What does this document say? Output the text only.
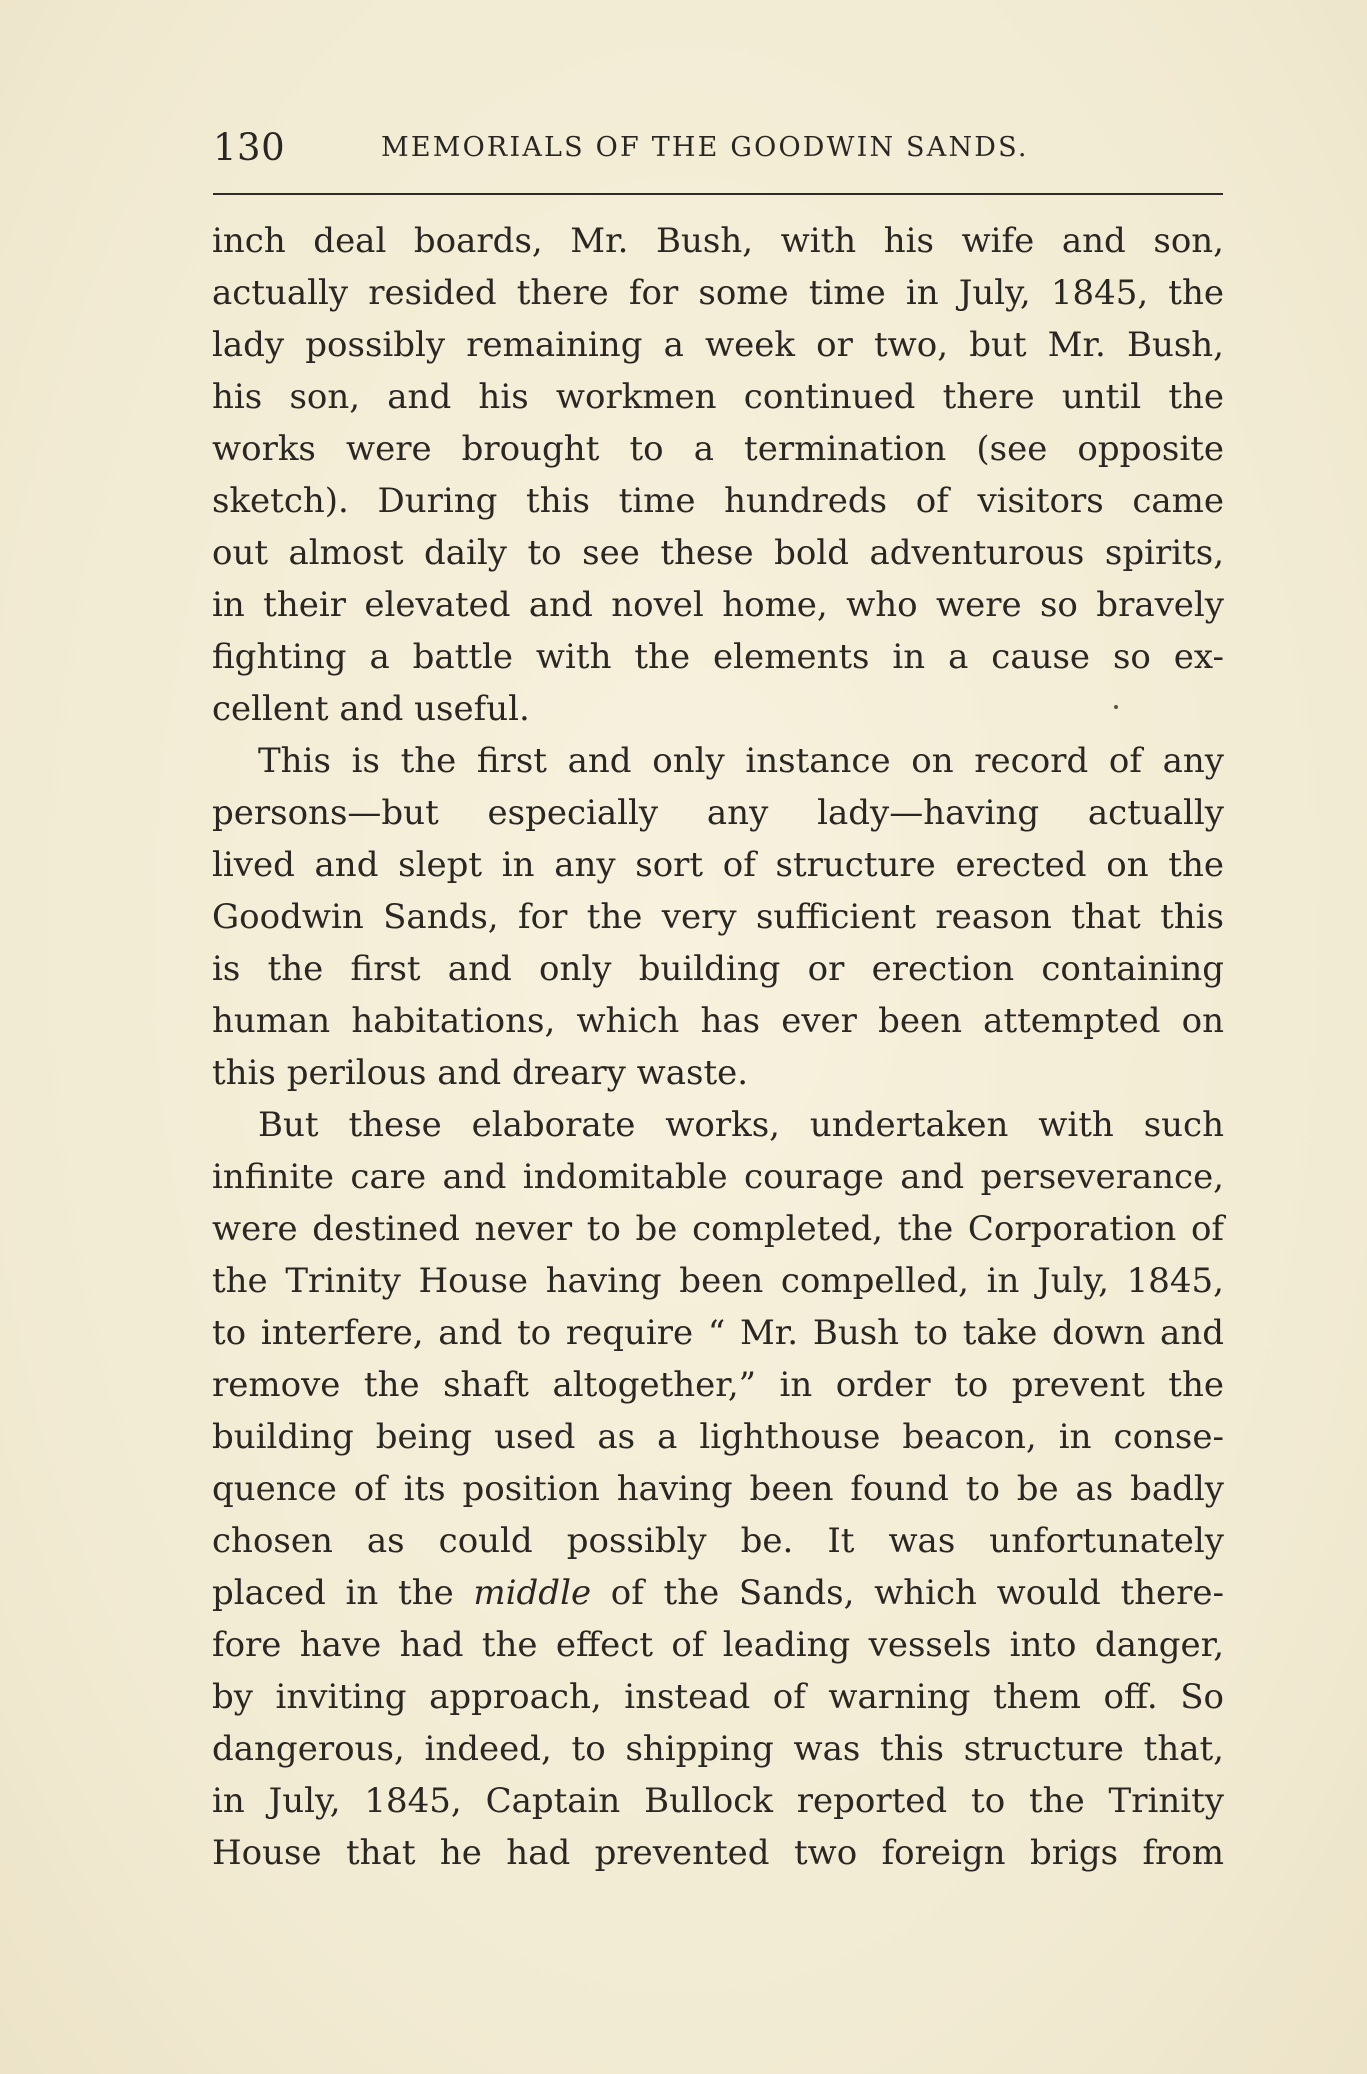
130	MEMORIALS OF THE GOODWIN SANDS.
inch deal boards, Mr. Bush, with his wife and son,
actually resided there for some time in July, 1845, the
lady possibly remaining a week or two, but Mr. Bush,
his son, and his workmen continued there until the
works were brought to a termination (see opposite
sketch). During this time hundreds of visitors came
out almost daily to see these bold adventurous spirits,
in their elevated and novel home, who were so bravely
fighting a battle with the elements in a cause so ex-
cellent and useful.
This is the first and only instance on record of any
persons—but especially any lady—having actually
lived and slept in any sort of structure erected on the
Goodwin Sands, for the very sufficient reason that this
is the first and only building or erection containing
human habitations, which has ever been attempted on
this perilous and dreary waste.
But these elaborate works, undertaken with such
infinite care and indomitable courage and perseverance,
were destined never to be completed, the Corporation of
the Trinity House having been compelled, in July, 1845,
to interfere, and to require “ Mr. Bush to take down and
remove the shaft altogether,” in order to prevent the
building being used as a lighthouse beacon, in conse-
quence of its position having been found to be as badly
chosen as could possibly be. It was unfortunately
placed in the middle of the Sands, which would there-
fore have had the effect of leading vessels into danger,
by inviting approach, instead of warning them off. So
dangerous, indeed, to shipping was this structure that,
in July, 1845, Captain Bullock reported to the Trinity
House that he had prevented two foreign brigs from
